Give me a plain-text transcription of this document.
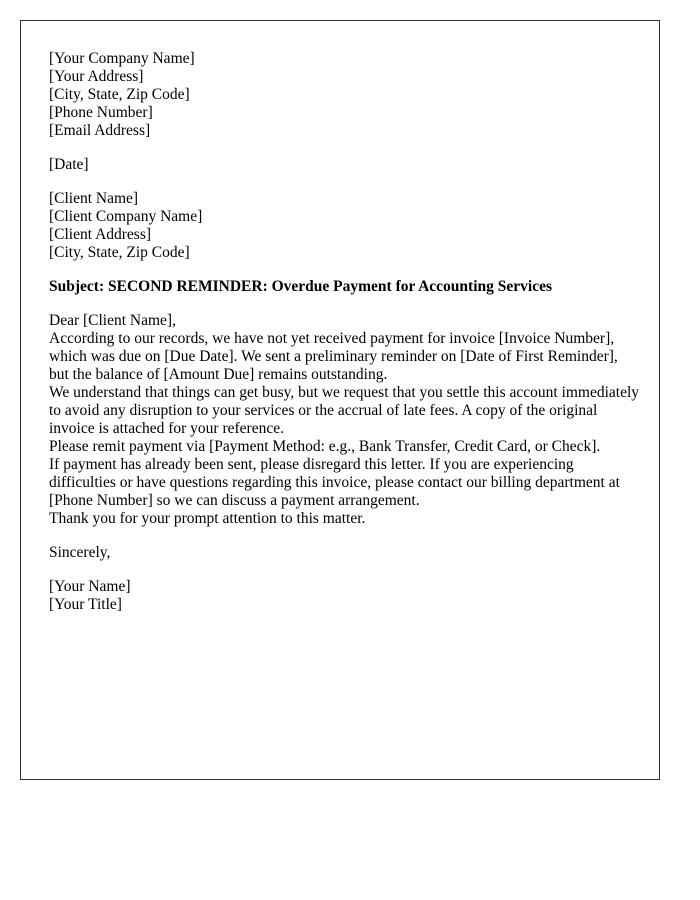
[Your Company Name]
[Your Address]
[City, State, Zip Code]
[Phone Number]
[Email Address]
[Date]
[Client Name]
[Client Company Name]
[Client Address]
[City, State, Zip Code]
Subject: SECOND REMINDER: Overdue Payment for Accounting Services
Dear [Client Name],

According to our records, we have not yet received payment for invoice [Invoice Number], which was due on [Due Date]. We sent a preliminary reminder on [Date of First Reminder], but the balance of [Amount Due] remains outstanding.

We understand that things can get busy, but we request that you settle this account immediately to avoid any disruption to your services or the accrual of late fees. A copy of the original invoice is attached for your reference.

Please remit payment via [Payment Method: e.g., Bank Transfer, Credit Card, or Check].

If payment has already been sent, please disregard this letter. If you are experiencing difficulties or have questions regarding this invoice, please contact our billing department at [Phone Number] so we can discuss a payment arrangement.

Thank you for your prompt attention to this matter.

Sincerely,
[Your Name]
[Your Title]
